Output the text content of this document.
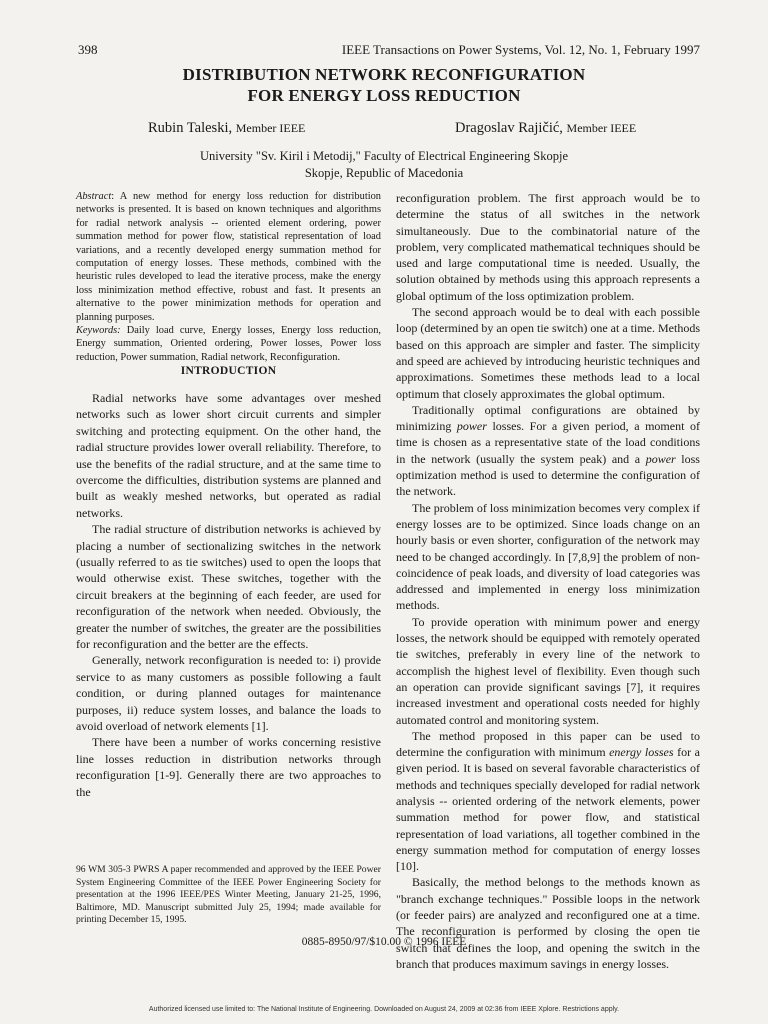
398	IEEE Transactions on Power Systems, Vol. 12, No. 1, February 1997
DISTRIBUTION NETWORK RECONFIGURATION
FOR ENERGY LOSS REDUCTION
Rubin Taleski, Member IEEE	Dragoslav Rajičić, Member IEEE
University "Sv. Kiril i Metodij," Faculty of Electrical Engineering Skopje
Skopje, Republic of Macedonia

Abstract: A new method for energy loss reduction for distribution networks is presented. It is based on known techniques and algorithms for radial network analysis -- oriented element ordering, power summation method for power flow, statistical representation of load variations, and a recently developed energy summation method for computation of energy losses. These methods, combined with the heuristic rules developed to lead the iterative process, make the energy loss minimization method effective, robust and fast. It presents an alternative to the power minimization methods for operation and planning purposes.

Keywords: Daily load curve, Energy losses, Energy loss reduction, Energy summation, Oriented ordering, Power losses, Power loss reduction, Power summation, Radial network, Reconfiguration.

INTRODUCTION

Radial networks have some advantages over meshed networks such as lower short circuit currents and simpler switching and protecting equipment. On the other hand, the radial structure provides lower overall reliability. Therefore, to use the benefits of the radial structure, and at the same time to overcome the difficulties, distribution systems are planned and built as weakly meshed networks, but operated as radial networks.

The radial structure of distribution networks is achieved by placing a number of sectionalizing switches in the network (usually referred to as tie switches) used to open the loops that would otherwise exist. These switches, together with the circuit breakers at the beginning of each feeder, are used for reconfiguration of the network when needed. Obviously, the greater the number of switches, the greater are the possibilities for reconfiguration and the better are the effects.

Generally, network reconfiguration is needed to: i) provide service to as many customers as possible following a fault condition, or during planned outages for maintenance purposes, ii) reduce system losses, and balance the loads to avoid overload of network elements [1].

There have been a number of works concerning resistive line losses reduction in distribution networks through reconfiguration [1-9]. Generally there are two approaches to the

reconfiguration problem. The first approach would be to determine the status of all switches in the network simultaneously. Due to the combinatorial nature of the problem, very complicated mathematical techniques should be used and large computational time is needed. Usually, the solution obtained by methods using this approach represents a global optimum of the loss optimization problem.

The second approach would be to deal with each possible loop (determined by an open tie switch) one at a time. Methods based on this approach are simpler and faster. The simplicity and speed are achieved by introducing heuristic techniques and approximations. Sometimes these methods lead to a local optimum that closely approximates the global optimum.

Traditionally optimal configurations are obtained by minimizing power losses. For a given period, a moment of time is chosen as a representative state of the load conditions in the network (usually the system peak) and a power loss optimization method is used to determine the configuration of the network.

The problem of loss minimization becomes very complex if energy losses are to be optimized. Since loads change on an hourly basis or even shorter, configuration of the network may need to be changed accordingly. In [7,8,9] the problem of non-coincidence of peak loads, and diversity of load categories was addressed and implemented in energy loss minimization methods.

To provide operation with minimum power and energy losses, the network should be equipped with remotely operated tie switches, preferably in every line of the network to accomplish the highest level of flexibility. Even though such an operation can provide significant savings [7], it requires increased investment and operational costs needed for highly automated control and monitoring system.

The method proposed in this paper can be used to determine the configuration with minimum energy losses for a given period. It is based on several favorable characteristics of methods and techniques specially developed for radial network analysis -- oriented ordering of the network elements, power summation method for power flow, and statistical representation of load variations, all together combined in the energy summation method for computation of energy losses [10].

Basically, the method belongs to the methods known as "branch exchange techniques." Possible loops in the network (or feeder pairs) are analyzed and reconfigured one at a time. The reconfiguration is performed by closing the open tie switch that defines the loop, and opening the switch in the branch that produces maximum savings in energy losses.

96 WM 305-3 PWRS A paper recommended and approved by the IEEE Power System Engineering Committee of the IEEE Power Engineering Society for presentation at the 1996 IEEE/PES Winter Meeting, January 21-25, 1996, Baltimore, MD. Manuscript submitted July 25, 1994; made available for printing December 15, 1995.
0885-8950/97/$10.00 © 1996 IEEE
Authorized licensed use limited to: The National Institute of Engineering. Downloaded on August 24, 2009 at 02:36 from IEEE Xplore. Restrictions apply.
